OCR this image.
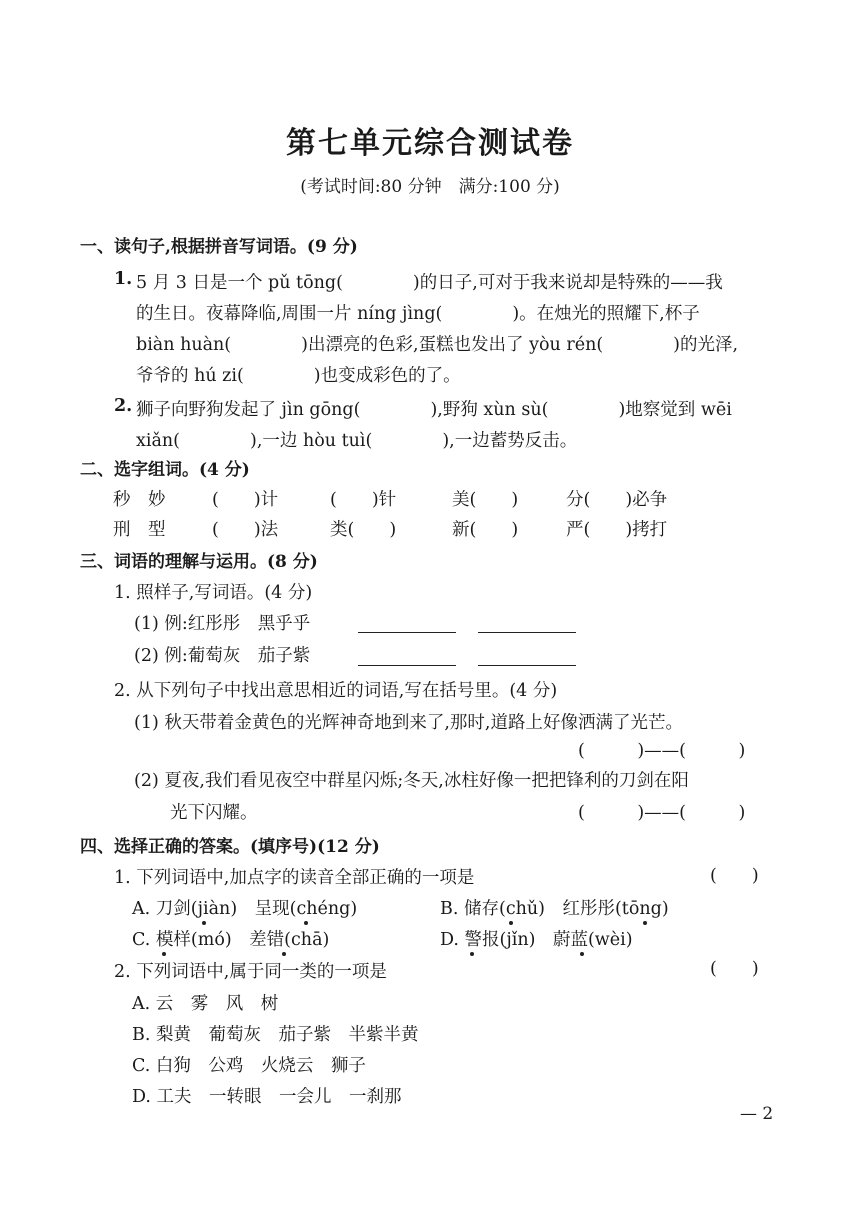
第七单元综合测试卷
(考试时间:80 分钟　满分:100 分)
一、读句子,根据拼音写词语。(9 分)
1. 5 月 3 日是一个 pǔ tōng(　　　　)的日子,可对于我来说却是特殊的——我
的生日。夜幕降临,周围一片 níng jìng(　　　　)。在烛光的照耀下,杯子
biàn huàn(　　　　)出漂亮的色彩,蛋糕也发出了 yòu rén(　　　　)的光泽,
爷爷的 hú zi(　　　　)也变成彩色的了。
2. 狮子向野狗发起了 jìn gōng(　　　　),野狗 xùn sù(　　　　)地察觉到 wēi
xiǎn(　　　　),一边 hòu tuì(　　　　),一边蓄势反击。
二、选字组词。(4 分)
秒　妙	(　　)计	(　　)针	美(　　)	分(　　)必争
刑　型	(　　)法	类(　　)	新(　　)	严(　　)拷打
三、词语的理解与运用。(8 分)
1. 照样子,写词语。(4 分)
(1) 例:红彤彤　黑乎乎
(2) 例:葡萄灰　茄子紫
2. 从下列句子中找出意思相近的词语,写在括号里。(4 分)
(1) 秋天带着金黄色的光辉神奇地到来了,那时,道路上好像洒满了光芒。
(　　　)——(　　　)
(2) 夏夜,我们看见夜空中群星闪烁;冬天,冰柱好像一把把锋利的刀剑在阳
光下闪耀。	(　　　)——(　　　)
四、选择正确的答案。(填序号)(12 分)
1. 下列词语中,加点字的读音全部正确的一项是	(　　)
A. 刀剑(jiàn)　呈现(chéng)	B. 储存(chǔ)　红彤彤(tōng)
C. 模样(mó)　差错(chā)	D. 警报(jǐn)　蔚蓝(wèi)
2. 下列词语中,属于同一类的一项是	(　　)
A. 云　雾　风　树
B. 梨黄　葡萄灰　茄子紫　半紫半黄
C. 白狗　公鸡　火烧云　狮子
D. 工夫　一转眼　一会儿　一刹那
— 2
